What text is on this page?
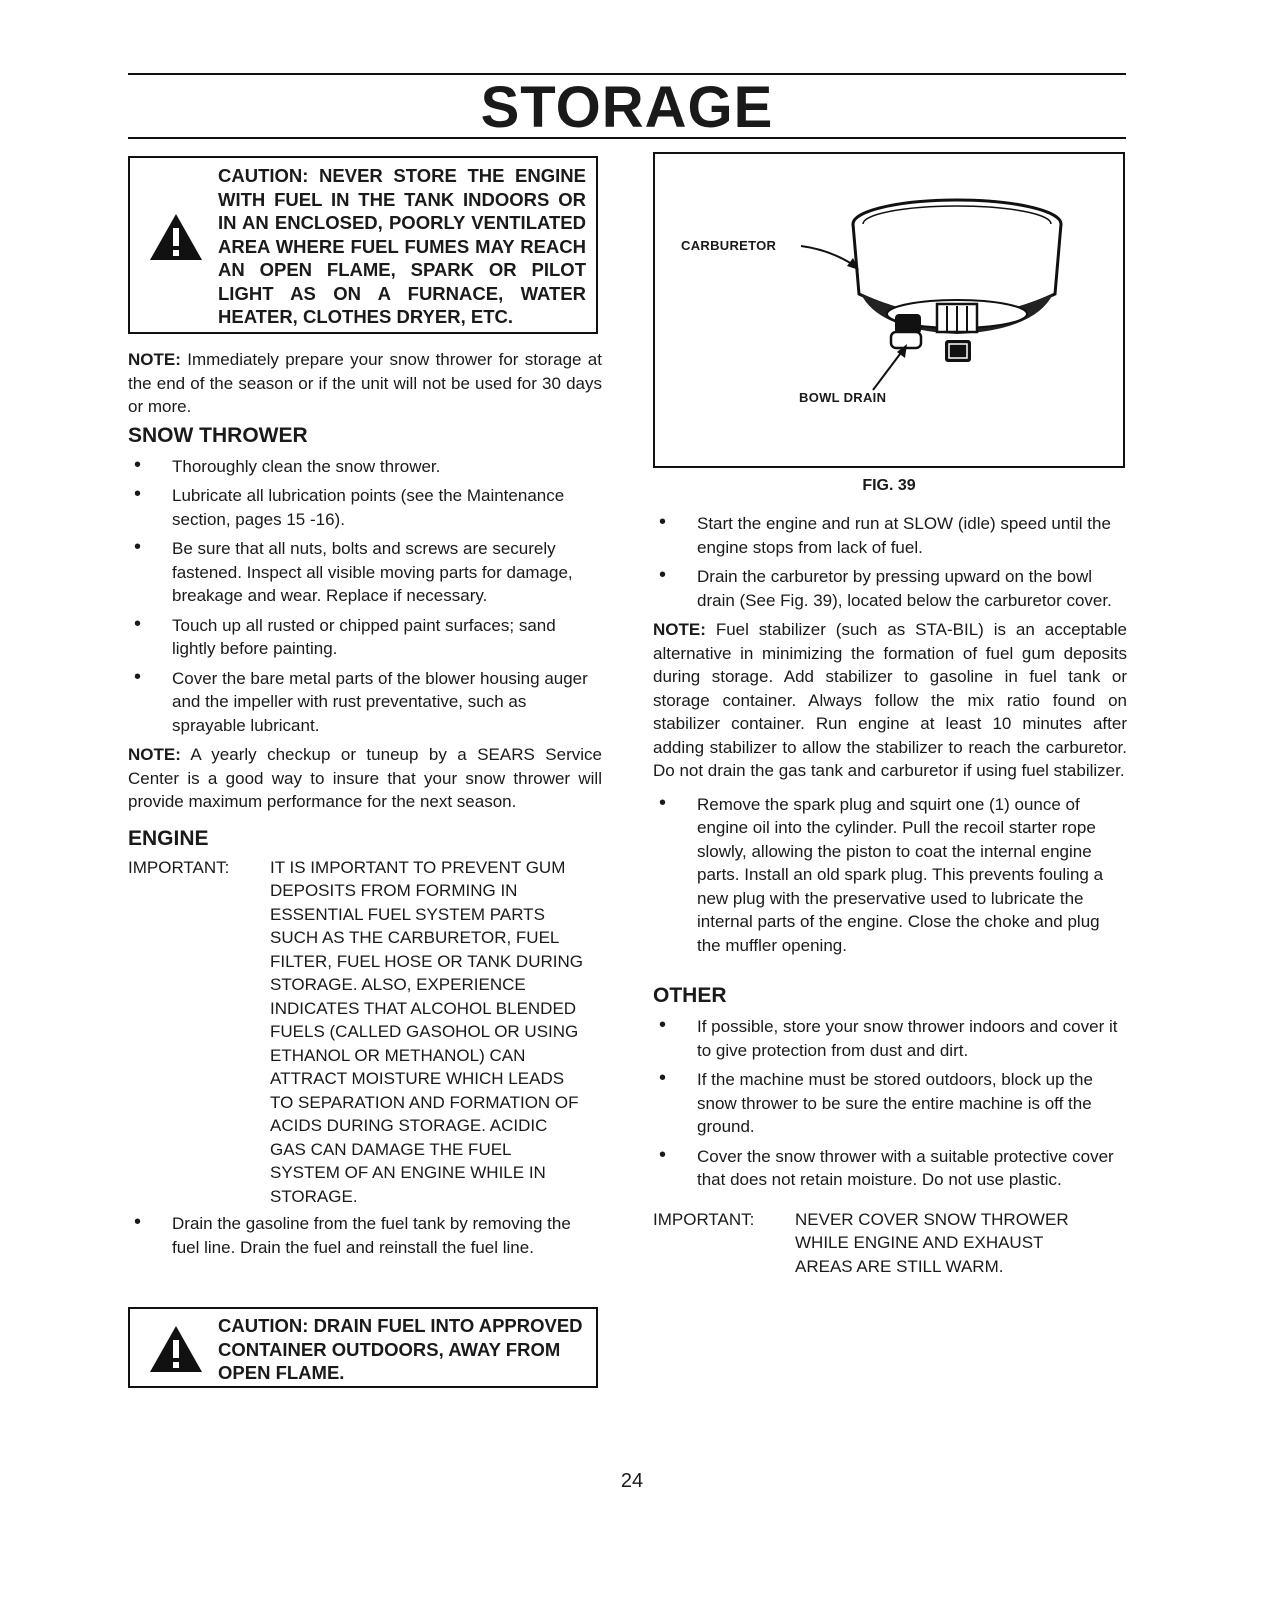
STORAGE
CAUTION: NEVER STORE THE ENGINE WITH FUEL IN THE TANK INDOORS OR IN AN ENCLOSED, POORLY VENTILATED AREA WHERE FUEL FUMES MAY REACH AN OPEN FLAME, SPARK OR PILOT LIGHT AS ON A FURNACE, WATER HEATER, CLOTHES DRYER, ETC.

NOTE: Immediately prepare your snow thrower for storage at the end of the season or if the unit will not be used for 30 days or more.

SNOW THROWER
• Thoroughly clean the snow thrower.
• Lubricate all lubrication points (see the Maintenance section, pages 15 -16).
• Be sure that all nuts, bolts and screws are securely fastened. Inspect all visible moving parts for damage, breakage and wear. Replace if necessary.
• Touch up all rusted or chipped paint surfaces; sand lightly before painting.
• Cover the bare metal parts of the blower housing auger and the impeller with rust preventative, such as sprayable lubricant.

NOTE: A yearly checkup or tuneup by a SEARS Service Center is a good way to insure that your snow thrower will provide maximum performance for the next season.

ENGINE
IMPORTANT:	IT IS IMPORTANT TO PREVENT GUM DEPOSITS FROM FORMING IN ESSENTIAL FUEL SYSTEM PARTS SUCH AS THE CARBURETOR, FUEL FILTER, FUEL HOSE OR TANK DURING STORAGE. ALSO, EXPERIENCE INDICATES THAT ALCOHOL BLENDED FUELS (CALLED GASOHOL OR USING ETHANOL OR METHANOL) CAN ATTRACT MOISTURE WHICH LEADS TO SEPARATION AND FORMATION OF ACIDS DURING STORAGE. ACIDIC GAS CAN DAMAGE THE FUEL SYSTEM OF AN ENGINE WHILE IN STORAGE.
• Drain the gasoline from the fuel tank by removing the fuel line. Drain the fuel and reinstall the fuel line.
CAUTION: DRAIN FUEL INTO APPROVED CONTAINER OUTDOORS, AWAY FROM OPEN FLAME.
CARBURETOR
BOWL DRAIN
FIG. 39
• Start the engine and run at SLOW (idle) speed until the engine stops from lack of fuel.
• Drain the carburetor by pressing upward on the bowl drain (See Fig. 39), located below the carburetor cover.

NOTE: Fuel stabilizer (such as STA-BIL) is an acceptable alternative in minimizing the formation of fuel gum deposits during storage. Add stabilizer to gasoline in fuel tank or storage container. Always follow the mix ratio found on stabilizer container. Run engine at least 10 minutes after adding stabilizer to allow the stabilizer to reach the carburetor. Do not drain the gas tank and carburetor if using fuel stabilizer.

• Remove the spark plug and squirt one (1) ounce of engine oil into the cylinder. Pull the recoil starter rope slowly, allowing the piston to coat the internal engine parts. Install an old spark plug. This prevents fouling a new plug with the preservative used to lubricate the internal parts of the engine. Close the choke and plug the muffler opening.
OTHER
• If possible, store your snow thrower indoors and cover it to give protection from dust and dirt.
• If the machine must be stored outdoors, block up the snow thrower to be sure the entire machine is off the ground.
• Cover the snow thrower with a suitable protective cover that does not retain moisture. Do not use plastic.
IMPORTANT:	NEVER COVER SNOW THROWER WHILE ENGINE AND EXHAUST AREAS ARE STILL WARM.
24
